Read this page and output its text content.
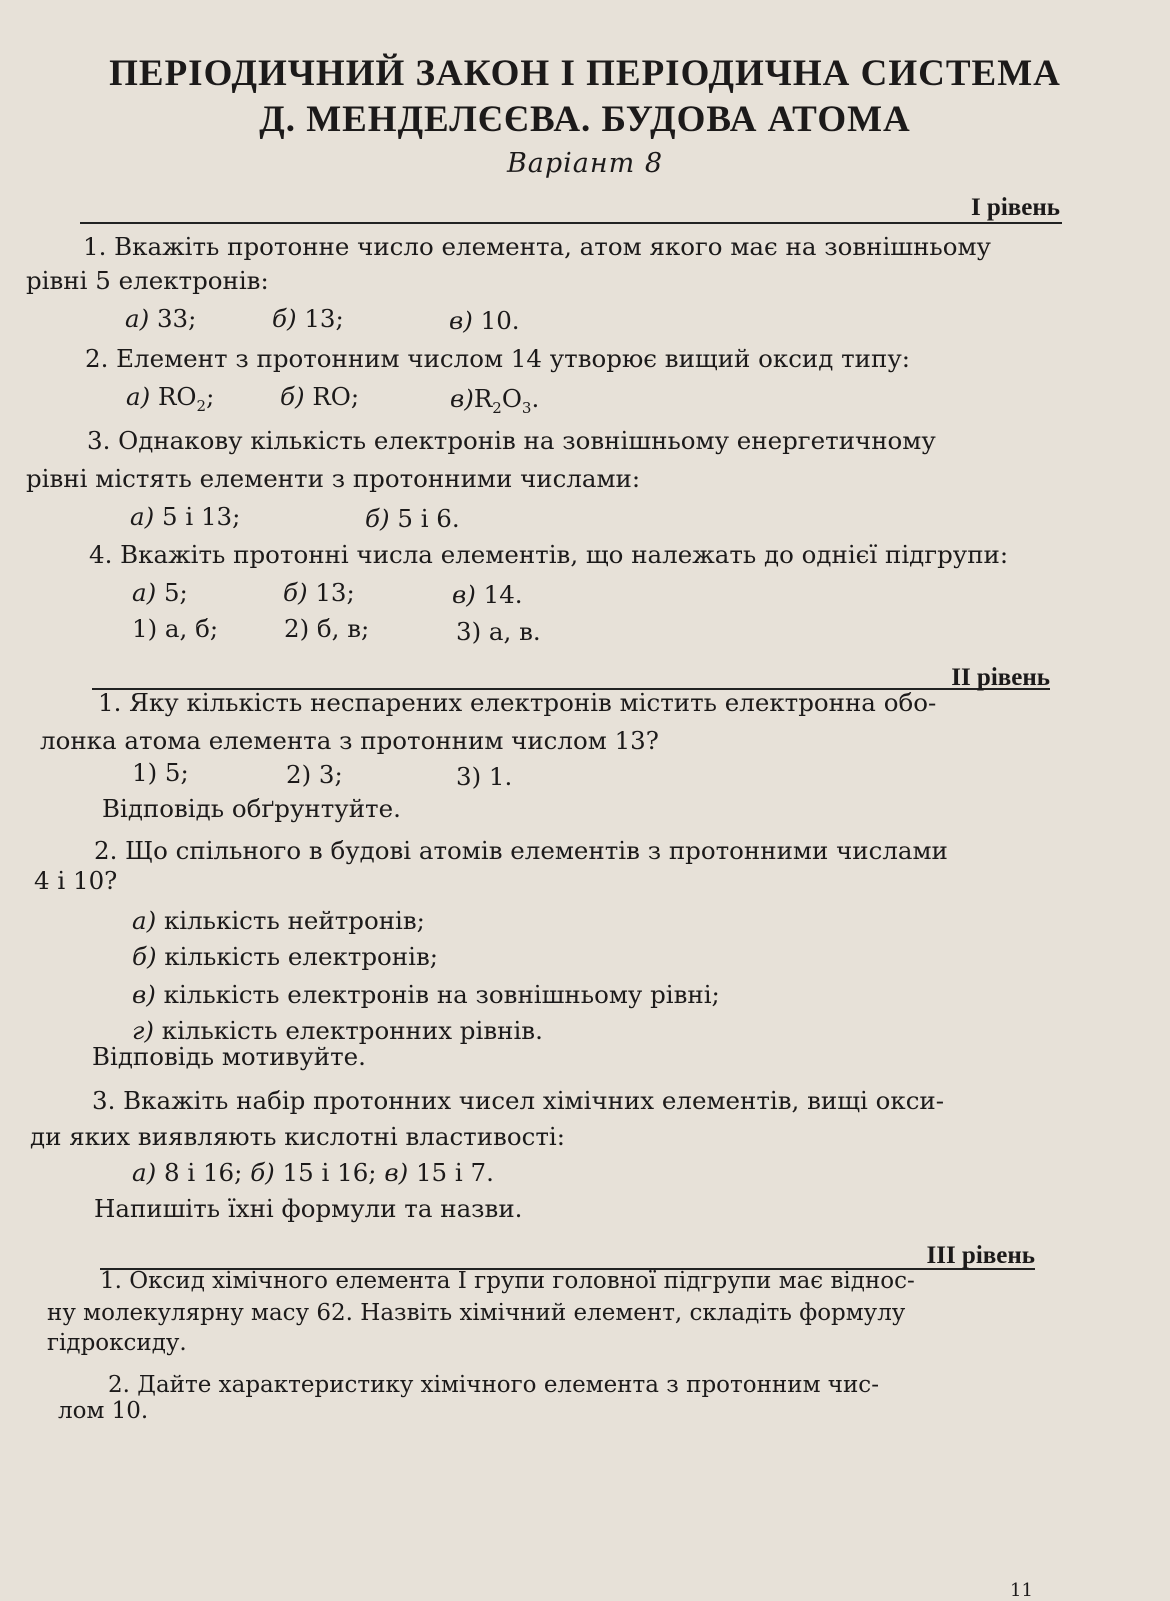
ПЕРІОДИЧНИЙ ЗАКОН І ПЕРІОДИЧНА СИСТЕМА
Д. МЕНДЕЛЄЄВА. БУДОВА АТОМА
Варіант 8
І рівень
1. Вкажіть протонне число елемента, атом якого має на зовнішньому
рівні 5 електронів:
а) 33;	б) 13;	в) 10.
2. Елемент з протонним числом 14 утворює вищий оксид типу:
а) $RO_2$;	б) RO;	$в)R_2O_3$.
3. Однакову кількість електронів на зовнішньому енергетичному
рівні містять елементи з протонними числами:
а) 5 і 13;	б) 5 і 6.
4. Вкажіть протонні числа елементів, що належать до однієї підгрупи:
а) 5;	б) 13;	в) 14.
1) а, б;	2) б, в;	3) а, в.
ІІ рівень
1. Яку кількість неспарених електронів містить електронна обо-
лонка атома елемента з протонним числом 13?
1) 5;	2) 3;	3) 1.
Відповідь обґрунтуйте.
2. Що спільного в будові атомів елементів з протонними числами
4 і 10?
а) кількість нейтронів;
б) кількість електронів;
в) кількість електронів на зовнішньому рівні;
г) кількість електронних рівнів.
Відповідь мотивуйте.
3. Вкажіть набір протонних чисел хімічних елементів, вищі окси-
ди яких виявляють кислотні властивості:
а) 8 і 16; б) 15 і 16; в) 15 і 7.
Напишіть їхні формули та назви.
ІІІ рівень
1. Оксид хімічного елемента І групи головної підгрупи має віднос-
ну молекулярну масу 62. Назвіть хімічний елемент, складіть формулу
гідроксиду.
2. Дайте характеристику хімічного елемента з протонним чис-
лом 10.
11
